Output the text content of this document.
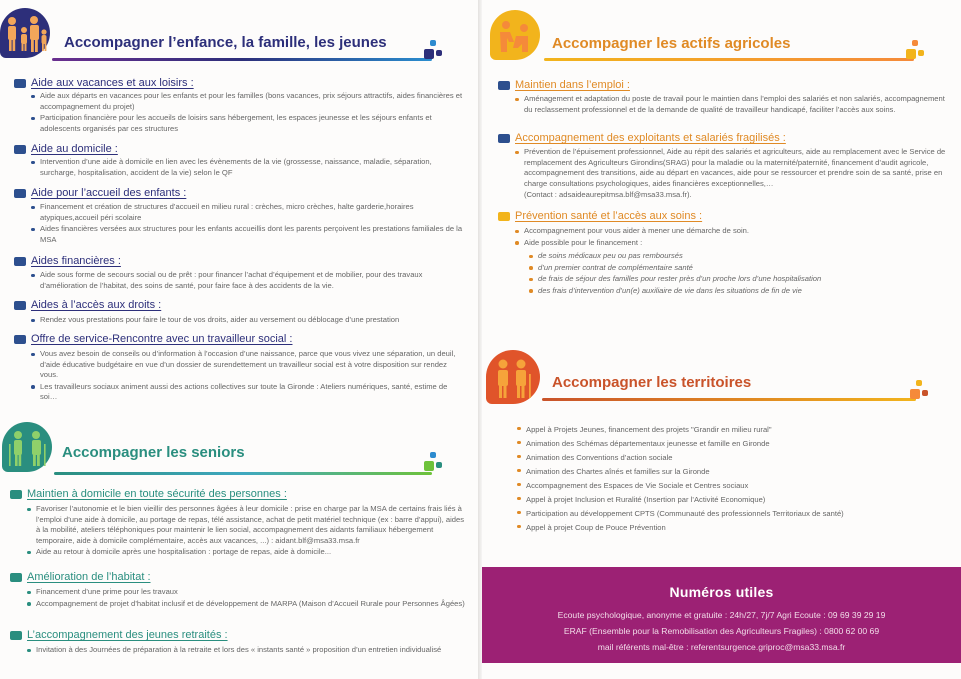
Accompagner l’enfance, la famille, les jeunes
Aide aux vacances et aux loisirs :
Aide aux départs en vacances pour les enfants et pour les familles (bons vacances, prix séjours attractifs, aides financières et accompagnement du projet)
Participation financière pour les accueils de loisirs sans hébergement, les espaces jeunesse et les séjours enfants et adolescents organisés par ces structures
Aide au domicile :
Intervention d’une aide à domicile en lien avec les évènements de la vie (grossesse, naissance, maladie, séparation, surcharge, hospitalisation, accident de la vie) selon le QF
Aide pour l’accueil des enfants :
Financement et création de structures d’accueil en milieu rural : crèches, micro crèches, halte garderie,horaires atypiques,accueil péri scolaire
Aides financières versées aux structures pour les enfants accueillis dont les parents perçoivent les prestations familiales de la MSA
Aides financières :
Aide sous forme de secours social ou de prêt : pour financer l’achat d’équipement et de mobilier, pour des travaux d’amélioration de l’habitat, des soins de santé, pour faire face à des accidents de la vie.
Aides à l’accès aux droits :
Rendez vous prestations pour faire le tour de vos droits, aider au versement ou déblocage d’une prestation
Offre de service-Rencontre avec un travailleur social :
Vous avez besoin de conseils ou d’information à l’occasion d’une naissance, parce que vous vivez une séparation, un deuil, d’aide éducative budgétaire en vue d’un dossier de surendettement un travailleur social est à votre disposition sur rendez vous.
Les travailleurs sociaux animent aussi des actions collectives sur toute la Gironde : Ateliers numériques, santé, estime de soi…
Accompagner les seniors
Maintien à domicile en toute sécurité des personnes :
Favoriser l’autonomie et le bien vieillir des personnes âgées à leur domicile : prise en charge par la MSA de certains frais liés à l’emploi d’une aide à domicile, au portage de repas, télé assistance, achat de petit matériel technique (ex : barre d’appui), aides à la mobilité, ateliers téléphoniques pour maintenir le lien social, accompagnement des aidants familiaux hébergement temporaire, aide à domicile complémentaire, accès aux vacances, ...) : aidant.blf@msa33.msa.fr
Aide au retour à domicile après une hospitalisation : portage de repas, aide à domicile...
Amélioration de l’habitat :
Financement d’une prime pour les travaux
Accompagnement de projet d’habitat inclusif et de développement de MARPA (Maison d’Accueil Rurale pour Personnes Âgées)
L’accompagnement des jeunes retraités :
Invitation à des Journées de préparation à la retraite et lors des « instants santé » proposition d’un entretien individualisé
Accompagner les actifs agricoles
Maintien dans l’emploi :
Aménagement et adaptation du poste de travail pour le maintien dans l’emploi des salariés et non salariés, accompagnement du reclassement professionnel et de la demande de qualité de travailleur handicapé, faciliter l’accès aux soins.
Accompagnement des exploitants et salariés fragilisés :
Prévention de l’épuisement professionnel, Aide au répit des salariés et agriculteurs, aide au remplacement avec le Service de remplacement des Agriculteurs Girondins(SRAG) pour la maladie ou la maternité/paternité, financement d’audit agricole, accompagnement des transitions, aide au départ en vacances, aide pour se ressourcer et prendre soin de sa santé, prise en charge consultations psychologiques, aides financières exceptionnelles,…
(Contact : adsaideaurepitmsa.blf@msa33.msa.fr).
Prévention santé et l’accès aux soins :
Accompagnement pour vous aider à mener une démarche de soin.
Aide possible pour le financement :
de soins médicaux peu ou pas remboursés
d’un premier contrat de complémentaire santé
de frais de séjour des familles pour rester près d’un proche lors d’une hospitalisation
des frais d’intervention d’un(e) auxiliaire de vie dans les situations de fin de vie
Accompagner les territoires
Appel à Projets Jeunes, financement des projets "Grandir en milieu rural"
Animation des Schémas départementaux jeunesse et famille en Gironde
Animation des Conventions d’action sociale
Animation des Chartes aînés et familles sur la Gironde
Accompagnement des Espaces de Vie Sociale et Centres sociaux
Appel à projet Inclusion et Ruralité (Insertion par l’Activité Economique)
Participation au développement CPTS (Communauté des professionnels Territoriaux de santé)
Appel à projet Coup de Pouce Prévention
Numéros utiles

Ecoute psychologique, anonyme et gratuite : 24h/27, 7j/7 Agri Ecoute : 09 69 39 29 19

ERAF (Ensemble pour la Remobilisation des Agriculteurs Fragiles) : 0800 62 00 69

mail référents mal-être : referentsurgence.griproc@msa33.msa.fr
